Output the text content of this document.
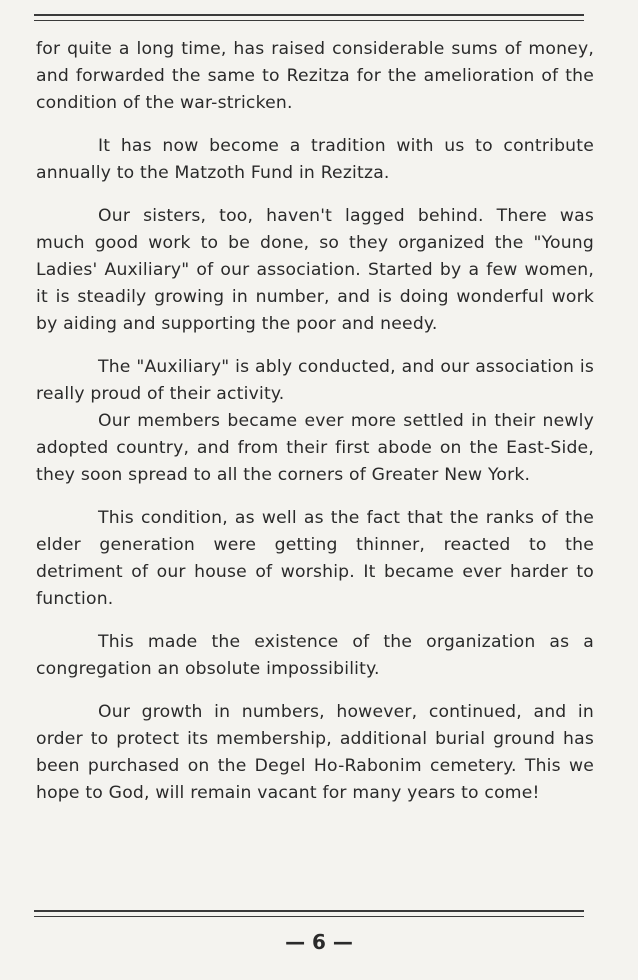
for quite a long time, has raised considerable sums of money, and forwarded the same to Rezitza for the amelioration of the condition of the war-stricken.

It has now become a tradition with us to contribute annually to the Matzoth Fund in Rezitza.

Our sisters, too, haven't lagged behind. There was much good work to be done, so they organized the "Young Ladies' Auxiliary" of our association. Started by a few women, it is steadily growing in number, and is doing wonderful work by aiding and supporting the poor and needy.

The "Auxiliary" is ably conducted, and our association is really proud of their activity.

Our members became ever more settled in their newly adopted country, and from their first abode on the East-Side, they soon spread to all the corners of Greater New York.

This condition, as well as the fact that the ranks of the elder generation were getting thinner, reacted to the detriment of our house of worship. It became ever harder to function.

This made the existence of the organization as a congregation an obsolute impossibility.

Our growth in numbers, however, continued, and in order to protect its membership, additional burial ground has been purchased on the Degel Ho-Rabonim cemetery. This we hope to God, will remain vacant for many years to come!

— 6 —
